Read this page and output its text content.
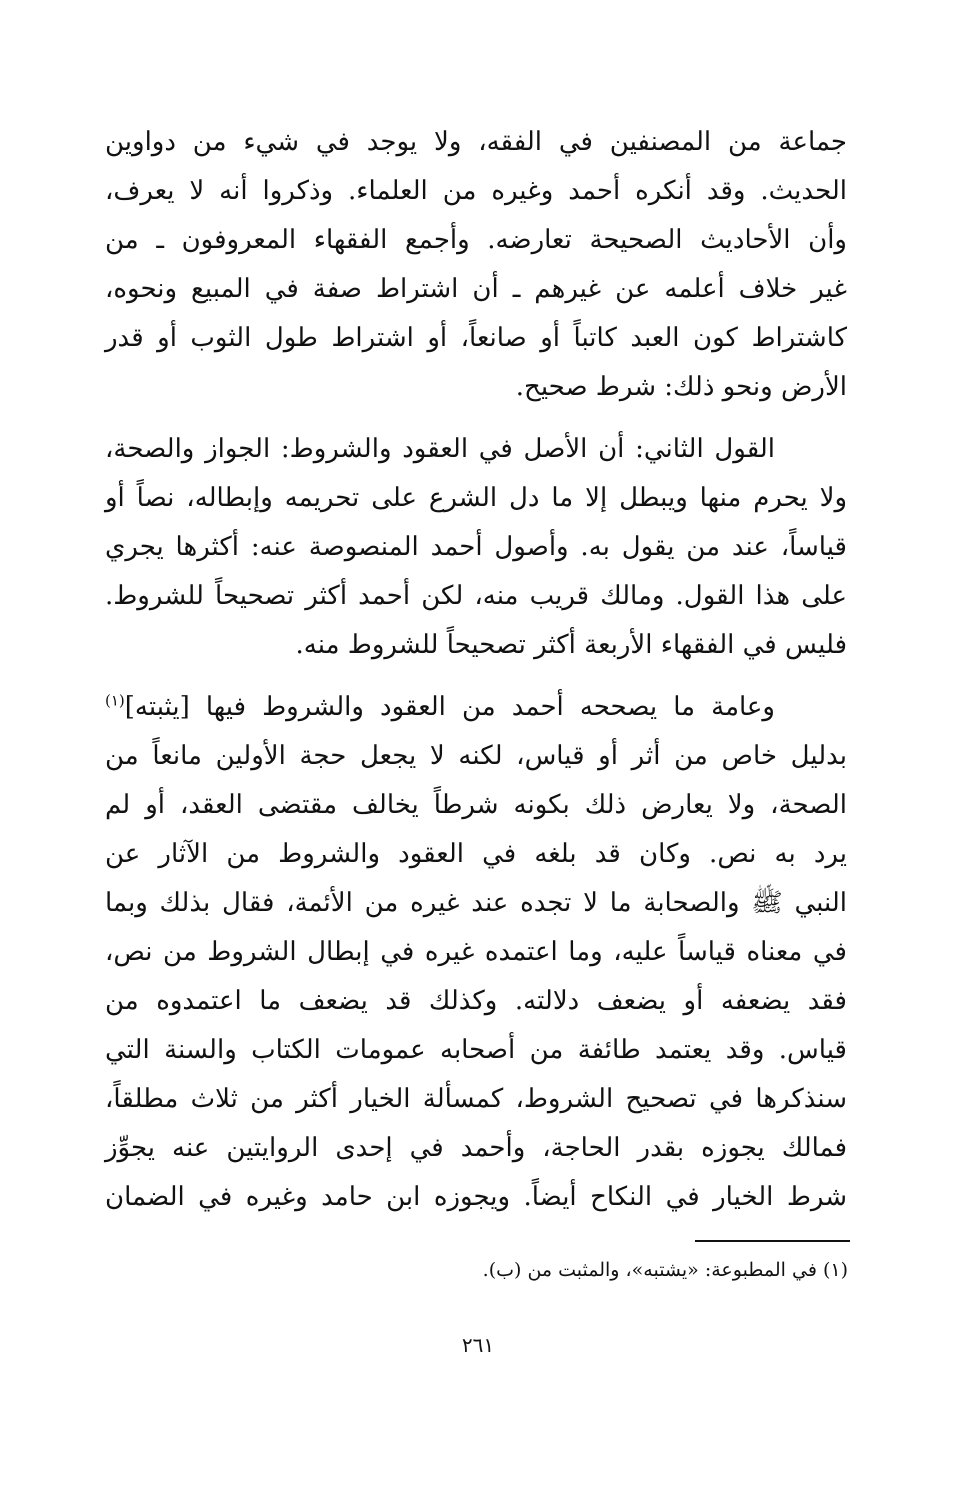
جماعة من المصنفين في الفقه، ولا يوجد في شيء من دواوين
الحديث. وقد أنكره أحمد وغيره من العلماء. وذكروا أنه لا يعرف،
وأن الأحاديث الصحيحة تعارضه. وأجمع الفقهاء المعروفون ـ من
غير خلاف أعلمه عن غيرهم ـ أن اشتراط صفة في المبيع ونحوه،
كاشتراط كون العبد كاتباً أو صانعاً، أو اشتراط طول الثوب أو قدر
الأرض ونحو ذلك: شرط صحيح.
القول الثاني: أن الأصل في العقود والشروط: الجواز والصحة،
ولا يحرم منها ويبطل إلا ما دل الشرع على تحريمه وإبطاله، نصاً أو
قياساً، عند من يقول به. وأصول أحمد المنصوصة عنه: أكثرها يجري
على هذا القول. ومالك قريب منه، لكن أحمد أكثر تصحيحاً للشروط.
فليس في الفقهاء الأربعة أكثر تصحيحاً للشروط منه.
وعامة ما يصححه أحمد من العقود والشروط فيها [يثبته]$^{(١)}$
بدليل خاص من أثر أو قياس، لكنه لا يجعل حجة الأولين مانعاً من
الصحة، ولا يعارض ذلك بكونه شرطاً يخالف مقتضى العقد، أو لم
يرد به نص. وكان قد بلغه في العقود والشروط من الآثار عن
النبي ﷺ والصحابة ما لا تجده عند غيره من الأئمة، فقال بذلك وبما
في معناه قياساً عليه، وما اعتمده غيره في إبطال الشروط من نص،
فقد يضعفه أو يضعف دلالته. وكذلك قد يضعف ما اعتمدوه من
قياس. وقد يعتمد طائفة من أصحابه عمومات الكتاب والسنة التي
سنذكرها في تصحيح الشروط، كمسألة الخيار أكثر من ثلاث مطلقاً،
فمالك يجوزه بقدر الحاجة، وأحمد في إحدى الروايتين عنه يجوِّز
شرط الخيار في النكاح أيضاً. ويجوزه ابن حامد وغيره في الضمان
(١) في المطبوعة: «يشتبه»، والمثبت من (ب).
٢٦١
